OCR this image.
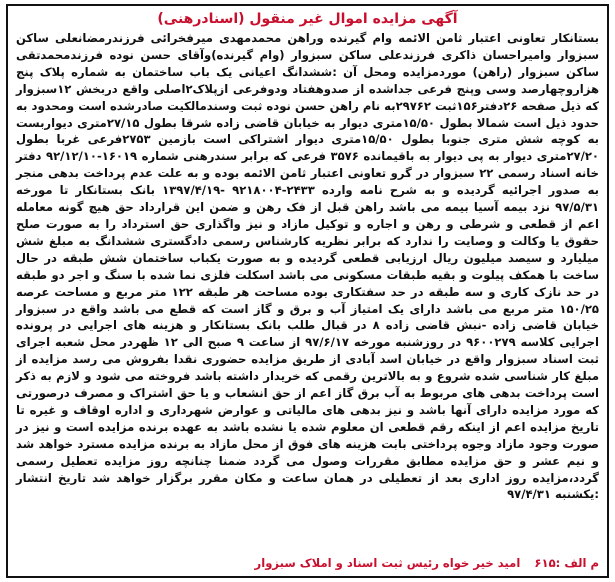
آگهی مزایده اموال غیر منقول (اسنادرهنی)

بستانکار تعاونی اعتبار ثامن الائمه وام گیرنده وراهن محمدمهدی میرفخرائی فرزندرمضانعلی ساکن سبزوار وامیراحسان ذاکری فرزندعلی ساکن سبزوار (وام گیرنده)وآقای حسن نوده فرزندمحمدتقی ساکن سبزوار (راهن) موردمزایده ومحل آن :ششدانگ اعیانی یک باب ساختمان به شماره پلاک پنج هزاروچهارصد وسی وپنج فرعی جداشده از صدوهفتاد ودوفرعی ازپلاک۲اصلی واقع دربخش ۱۲سبزوار که ذیل صفحه ۲۶دفتر۱۵۶ثبت ۲۹۷۶۲به نام راهن حسن نوده ثبت وسندمالکیت صادرشده است ومحدود به حدود ذیل است شمالا بطول ۱۵/۵۰متری دیوار به خیابان قاضی زاده شرقا بطول ۲۷/۱۵متری دیواربست به کوچه شش متری جنوبا بطول ۱۵/۵۰متری دیوار اشتراکی است بازمین ۲۷۵۳فرعی غربا بطول ۲۷/۲۰متری دیوار به پی دیوار به باقیمانده ۳۵۷۶ فرعی که برابر سندرهنی شماره ۱۶۰۱۹-۹۲/۱۲/۱۰ دفتر خانه اسناد رسمی ۲۲ سبزوار در گرو تعاونی اعتبار ثامن الائمه بوده و به علت عدم پرداخت بدهی منجر به صدور اجرائیه گردیده و به شرح نامه وارده ۲۴۳۳-۹۲۱۸۰۰۴ -۱۳۹۷/۴/۱۹ بانک بستانکار تا مورخه ۹۷/۵/۳۱ نزد بیمه آسیا بیمه می باشد راهن قبل از فک رهن و ضمن این قرارداد حق هیچ گونه معامله اعم از قطعی و شرطی و رهن و اجاره و توکیل مازاد و نیز واگذاری حق استرداد را به صورت صلح حقوق یا وکالت و وصایت را ندارد که برابر نظریه کارشناس رسمی دادگستری ششدانگ به مبلغ شش میلیارد و سیصد میلیون ریال ارزیابی قطعی گردیده و به صورت یکباب ساختمان شش طبقه در حال ساخت با همکف پیلوت و بقیه طبقات مسکونی می باشد اسکلت فلزی نما شده با سنگ و اجر دو طبقه در حد نازک کاری و سه طبقه در حد سفتکاری بوده مساحت هر طبقه ۱۲۲ متر مربع و مساحت عرصه ۱۵۰/۲۵ متر مربع می باشد دارای یک امتیاز آب و برق و گاز است که قطع می باشد واقع در سبزوار خیابان قاضی زاده -نبش قاضی زاده ۸ در قبال طلب بانک بستانکار و هزینه های اجرایی در پرونده اجرایی کلاسه ۹۶۰۰۲۷۹ در روزشنبه مورخه ۹۷/۶/۱۷ از ساعت ۹ صبح الی ۱۲ ظهردر محل شعبه اجرای ثبت اسناد سبزوار واقع در خیابان اسد آبادی از طریق مزایده حضوری نقدا بفروش می رسد مزایده از مبلغ کار شناسی شده شروع و به بالاترین رقمی که خریدار داشته باشد فروخته می شود و لازم به ذکر است پرداخت بدهی های مربوط به آب برق گاز اعم از حق انشعاب و یا حق اشتراک و مصرف درصورتی که مورد مزایده دارای آنها باشد و نیز بدهی های مالیاتی و عوارض شهرداری و اداره اوقاف و غیره تا تاریخ مزایده اعم از اینکه رقم قطعی ان معلوم شده یا نشده باشد به عهده برنده مزایده است و نیز در صورت وجود مازاد وجوه پرداختی بابت هزینه های فوق از محل مازاد به برنده مزایده مسترد خواهد شد و نیم عشر و حق مزایده مطابق مقررات وصول می گردد ضمنا چنانچه روز مزایده تعطیل رسمی گردد،مزایده روز اداری بعد از تعطیلی در همان ساعت و مکان مقرر برگزار خواهد شد تاریخ انتشار :یکشنبه ۹۷/۴/۳۱

م الف :۶۱۵  امید خیر خواه رئیس ثبت اسناد و املاک سبزوار
